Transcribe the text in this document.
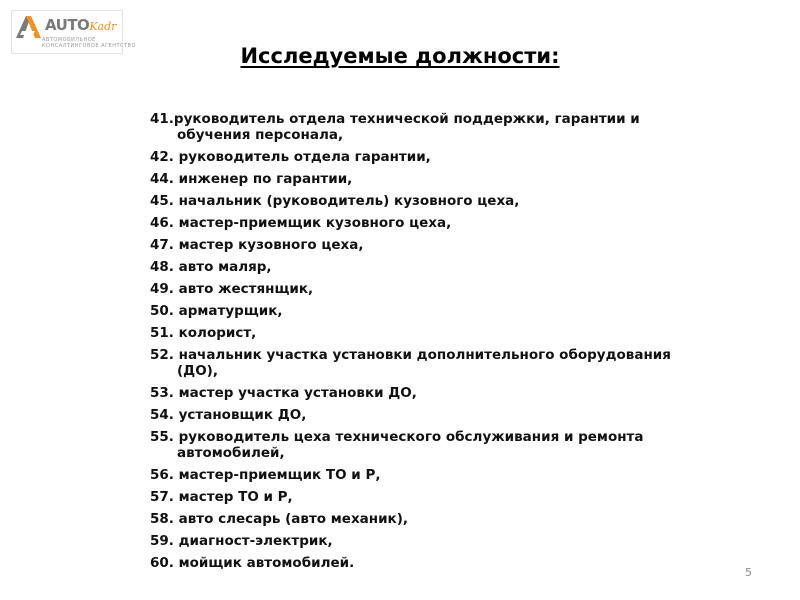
AUTOKadr
АВТОМОБИЛЬНОЕ
КОНСАЛТИНГОВОЕ АГЕНТСТВО	Исследуемые должности:
41.руководитель отдела технической поддержки, гарантии и обучения персонала,
42. руководитель отдела гарантии,
44. инженер по гарантии,
45. начальник (руководитель) кузовного цеха,
46. мастер-приемщик кузовного цеха,
47. мастер кузовного цеха,
48. авто маляр,
49. авто жестянщик,
50. арматурщик,
51. колорист,
52. начальник участка установки дополнительного оборудования (ДО),
53. мастер участка установки ДО,
54. установщик ДО,
55. руководитель цеха технического обслуживания и ремонта автомобилей,
56. мастер-приемщик ТО и Р,
57. мастер ТО и Р,
58. авто слесарь (авто механик),
59. диагност-электрик,
60. мойщик автомобилей.
5
